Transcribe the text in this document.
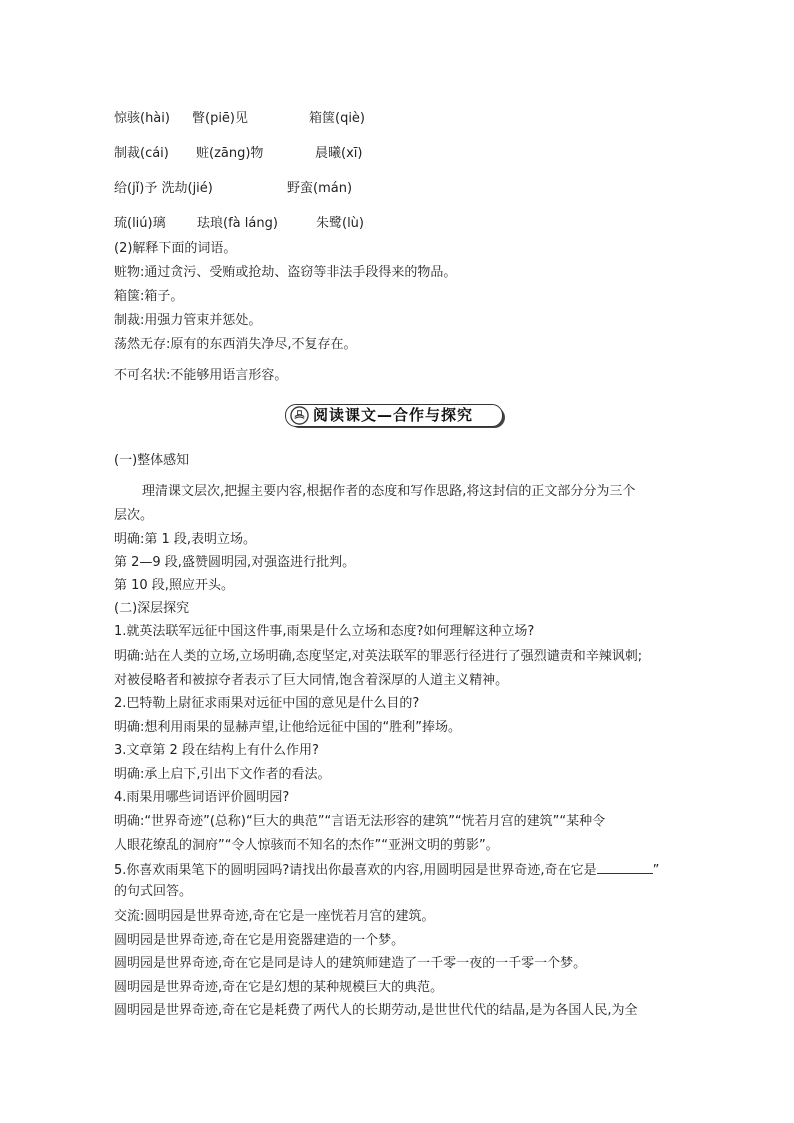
惊骇(hài) 瞥(piē)见	箱箧(qiè)
制裁(cái) 赃(zāng)物	晨曦(xī)
给(jǐ)予 洗劫(jié)	野蛮(mán)
琉(liú)璃 珐琅(fà láng)	朱鹭(lù)
(2)解释下面的词语。
赃物:通过贪污、受贿或抢劫、盗窃等非法手段得来的物品。
箱箧:箱子。
制裁:用强力管束并惩处。
荡然无存:原有的东西消失净尽,不复存在。
不可名状:不能够用语言形容。
阅读课文—合作与探究
(一)整体感知
理清课文层次,把握主要内容,根据作者的态度和写作思路,将这封信的正文部分分为三个
层次。
明确:第 1 段,表明立场。
第 2—9 段,盛赞圆明园,对强盗进行批判。
第 10 段,照应开头。
(二)深层探究
1.就英法联军远征中国这件事,雨果是什么立场和态度?如何理解这种立场?
明确:站在人类的立场,立场明确,态度坚定,对英法联军的罪恶行径进行了强烈谴责和辛辣讽刺;
对被侵略者和被掠夺者表示了巨大同情,饱含着深厚的人道主义精神。
2.巴特勒上尉征求雨果对远征中国的意见是什么目的?
明确:想利用雨果的显赫声望,让他给远征中国的“胜利”捧场。
3.文章第 2 段在结构上有什么作用?
明确:承上启下,引出下文作者的看法。
4.雨果用哪些词语评价圆明园?
明确:“世界奇迹”(总称)“巨大的典范”“言语无法形容的建筑”“恍若月宫的建筑”“某种令
人眼花缭乱的洞府”“令人惊骇而不知名的杰作”“亚洲文明的剪影”。
5.你喜欢雨果笔下的圆明园吗?请找出你最喜欢的内容,用圆明园是世界奇迹,奇在它是	”
的句式回答。
交流:圆明园是世界奇迹,奇在它是一座恍若月宫的建筑。
圆明园是世界奇迹,奇在它是用瓷器建造的一个梦。
圆明园是世界奇迹,奇在它是同是诗人的建筑师建造了一千零一夜的一千零一个梦。
圆明园是世界奇迹,奇在它是幻想的某种规模巨大的典范。
圆明园是世界奇迹,奇在它是耗费了两代人的长期劳动,是世世代代的结晶,是为各国人民,为全
